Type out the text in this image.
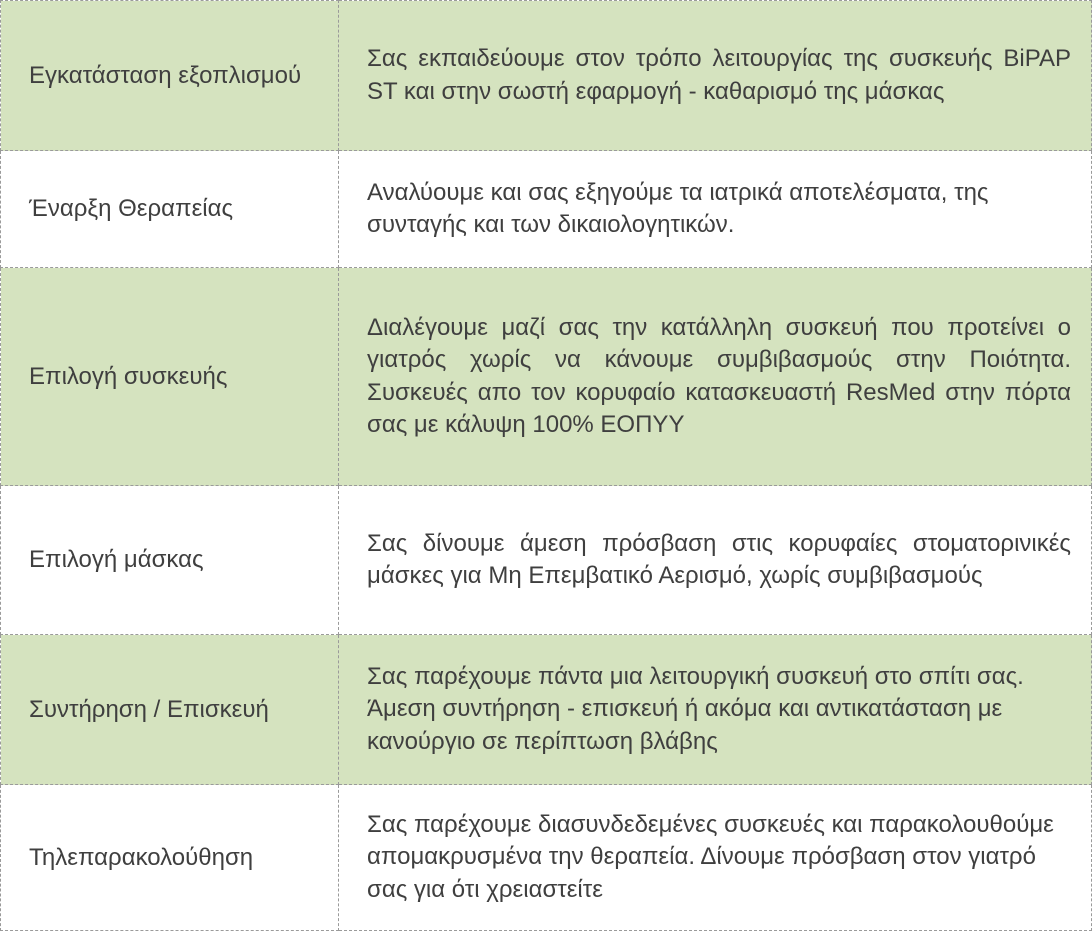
Εγκατάσταση εξοπλισμού	Σας εκπαιδεύουμε στον τρόπο λειτουργίας της συσκευής BiPAP ST και στην σωστή εφαρμογή - καθαρισμό της μάσκας
Έναρξη Θεραπείας	Αναλύουμε και σας εξηγούμε τα ιατρικά αποτελέσματα, της συνταγής και των δικαιολογητικών.
Επιλογή συσκευής	Διαλέγουμε μαζί σας την κατάλληλη συσκευή που προτείνει ο γιατρός χωρίς να κάνουμε συμβιβασμούς στην Ποιότητα. Συσκευές απο τον κορυφαίο κατασκευαστή ResMed στην πόρτα σας με κάλυψη 100% ΕΟΠΥΥ
Επιλογή μάσκας	Σας δίνουμε άμεση πρόσβαση στις κορυφαίες στοματορινικές μάσκες για Μη Επεμβατικό Αερισμό, χωρίς συμβιβασμούς
Συντήρηση / Επισκευή	Σας παρέχουμε πάντα μια λειτουργική συσκευή στο σπίτι σας. Άμεση συντήρηση - επισκευή ή ακόμα και αντικατάσταση με κανούργιο σε περίπτωση βλάβης
Τηλεπαρακολούθηση	Σας παρέχουμε διασυνδεδεμένες συσκευές και παρακολουθούμε απομακρυσμένα την θεραπεία. Δίνουμε πρόσβαση στον γιατρό σας για ότι χρειαστείτε
